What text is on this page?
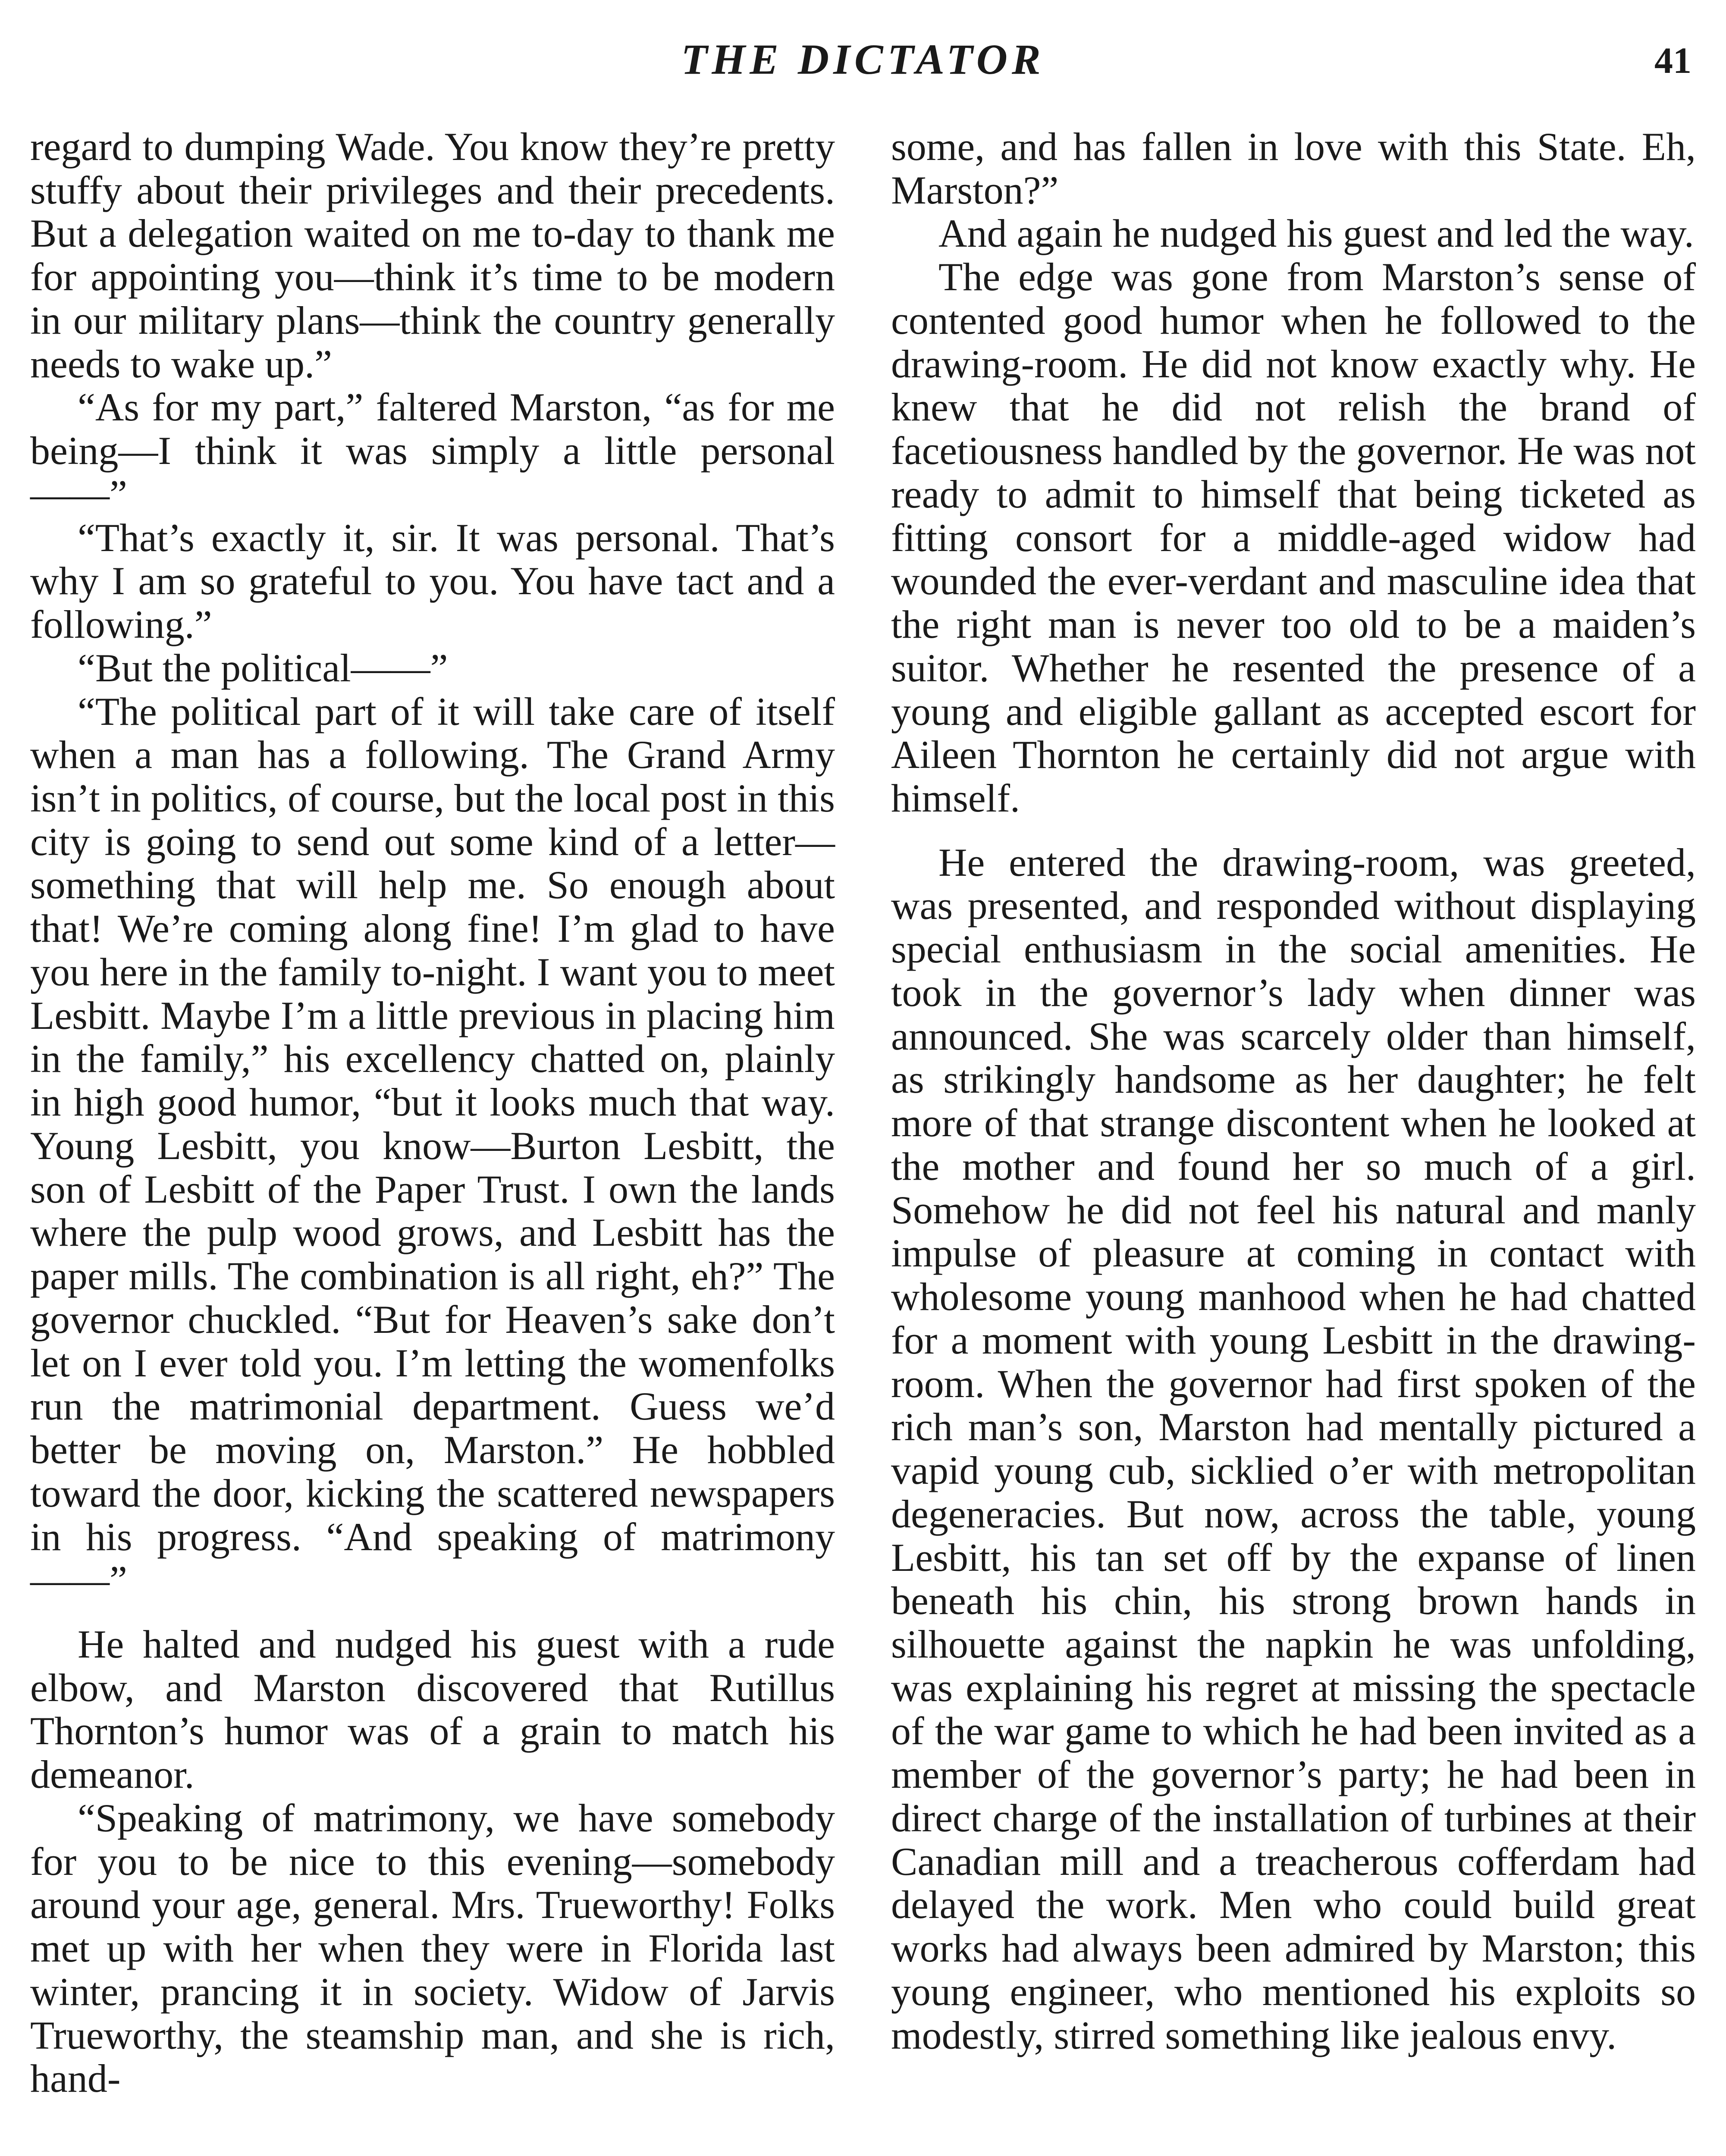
THE DICTATOR	41

regard to dumping Wade. You know they’re pretty stuffy about their privileges and their precedents. But a delegation waited on me to-day to thank me for appointing you—think it’s time to be modern in our military plans—think the country generally needs to wake up.”

“As for my part,” faltered Marston, “as for me being—I think it was simply a little personal——”

“That’s exactly it, sir. It was personal. That’s why I am so grateful to you. You have tact and a following.”

“But the political——”

“The political part of it will take care of itself when a man has a following. The Grand Army isn’t in politics, of course, but the local post in this city is going to send out some kind of a letter—something that will help me. So enough about that! We’re coming along fine! I’m glad to have you here in the family to-night. I want you to meet Lesbitt. Maybe I’m a little previous in placing him in the family,” his excellency chatted on, plainly in high good humor, “but it looks much that way. Young Lesbitt, you know—Burton Lesbitt, the son of Lesbitt of the Paper Trust. I own the lands where the pulp wood grows, and Lesbitt has the paper mills. The combination is all right, eh?” The governor chuckled. “But for Heaven’s sake don’t let on I ever told you. I’m letting the womenfolks run the matrimonial department. Guess we’d better be moving on, Marston.” He hobbled toward the door, kicking the scattered newspapers in his progress. “And speaking of matrimony ——”

He halted and nudged his guest with a rude elbow, and Marston discovered that Rutillus Thornton’s humor was of a grain to match his demeanor.

“Speaking of matrimony, we have somebody for you to be nice to this evening—somebody around your age, general. Mrs. Trueworthy! Folks met up with her when they were in Florida last winter, prancing it in society. Widow of Jarvis Trueworthy, the steamship man, and she is rich, hand-

some, and has fallen in love with this State. Eh, Marston?”

And again he nudged his guest and led the way.

The edge was gone from Marston’s sense of contented good humor when he followed to the drawing-room. He did not know exactly why. He knew that he did not relish the brand of facetiousness handled by the governor. He was not ready to admit to himself that being ticketed as fitting consort for a middle-aged widow had wounded the ever-verdant and masculine idea that the right man is never too old to be a maiden’s suitor. Whether he resented the presence of a young and eligible gallant as accepted escort for Aileen Thornton he certainly did not argue with himself.

He entered the drawing-room, was greeted, was presented, and responded without displaying special enthusiasm in the social amenities. He took in the governor’s lady when dinner was announced. She was scarcely older than himself, as strikingly handsome as her daughter; he felt more of that strange discontent when he looked at the mother and found her so much of a girl. Somehow he did not feel his natural and manly impulse of pleasure at coming in contact with wholesome young manhood when he had chatted for a moment with young Lesbitt in the drawing-room. When the governor had first spoken of the rich man’s son, Marston had mentally pictured a vapid young cub, sicklied o’er with metropolitan degeneracies. But now, across the table, young Lesbitt, his tan set off by the expanse of linen beneath his chin, his strong brown hands in silhouette against the napkin he was unfolding, was explaining his regret at missing the spectacle of the war game to which he had been invited as a member of the governor’s party; he had been in direct charge of the installation of turbines at their Canadian mill and a treacherous cofferdam had delayed the work. Men who could build great works had always been admired by Marston; this young engineer, who mentioned his exploits so modestly, stirred something like jealous envy.
